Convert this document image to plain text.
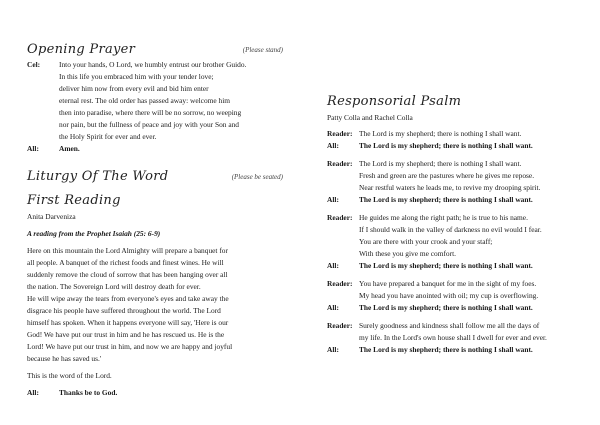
Opening Prayer	(Please stand)
Cel:	Into your hands, O Lord, we humbly entrust our brother Guido.
In this life you embraced him with your tender love;
deliver him now from every evil and bid him enter
eternal rest. The old order has passed away: welcome him
then into paradise, where there will be no sorrow, no weeping
nor pain, but the fullness of peace and joy with your Son and
the Holy Spirit for ever and ever.
All:	Amen.
Liturgy Of The Word	(Please be seated)
First Reading
Anita Darveniza
A reading from the Prophet Isaiah (25: 6-9)
Here on this mountain the Lord Almighty will prepare a banquet for
all people. A banquet of the richest foods and finest wines. He will
suddenly remove the cloud of sorrow that has been hanging over all
the nation. The Sovereign Lord will destroy death for ever.
He will wipe away the tears from everyone's eyes and take away the
disgrace his people have suffered throughout the world. The Lord
himself has spoken. When it happens everyone will say, 'Here is our
God! We have put our trust in him and he has rescued us. He is the
Lord! We have put our trust in him, and now we are happy and joyful
because he has saved us.'
This is the word of the Lord.
All:	Thanks be to God.
Responsorial Psalm
Patty Colla and Rachel Colla
Reader: The Lord is my shepherd; there is nothing I shall want.
All:	The Lord is my shepherd; there is nothing I shall want.
Reader: The Lord is my shepherd; there is nothing I shall want.
Fresh and green are the pastures where he gives me repose.
Near restful waters he leads me, to revive my drooping spirit.
All:	The Lord is my shepherd; there is nothing I shall want.
Reader: He guides me along the right path; he is true to his name.
If I should walk in the valley of darkness no evil would I fear.
You are there with your crook and your staff;
With these you give me comfort.
All:	The Lord is my shepherd; there is nothing I shall want.
Reader: You have prepared a banquet for me in the sight of my foes.
My head you have anointed with oil; my cup is overflowing.
All:	The Lord is my shepherd; there is nothing I shall want.
Reader: Surely goodness and kindness shall follow me all the days of
my life. In the Lord's own house shall I dwell for ever and ever.
All:	The Lord is my shepherd; there is nothing I shall want.
